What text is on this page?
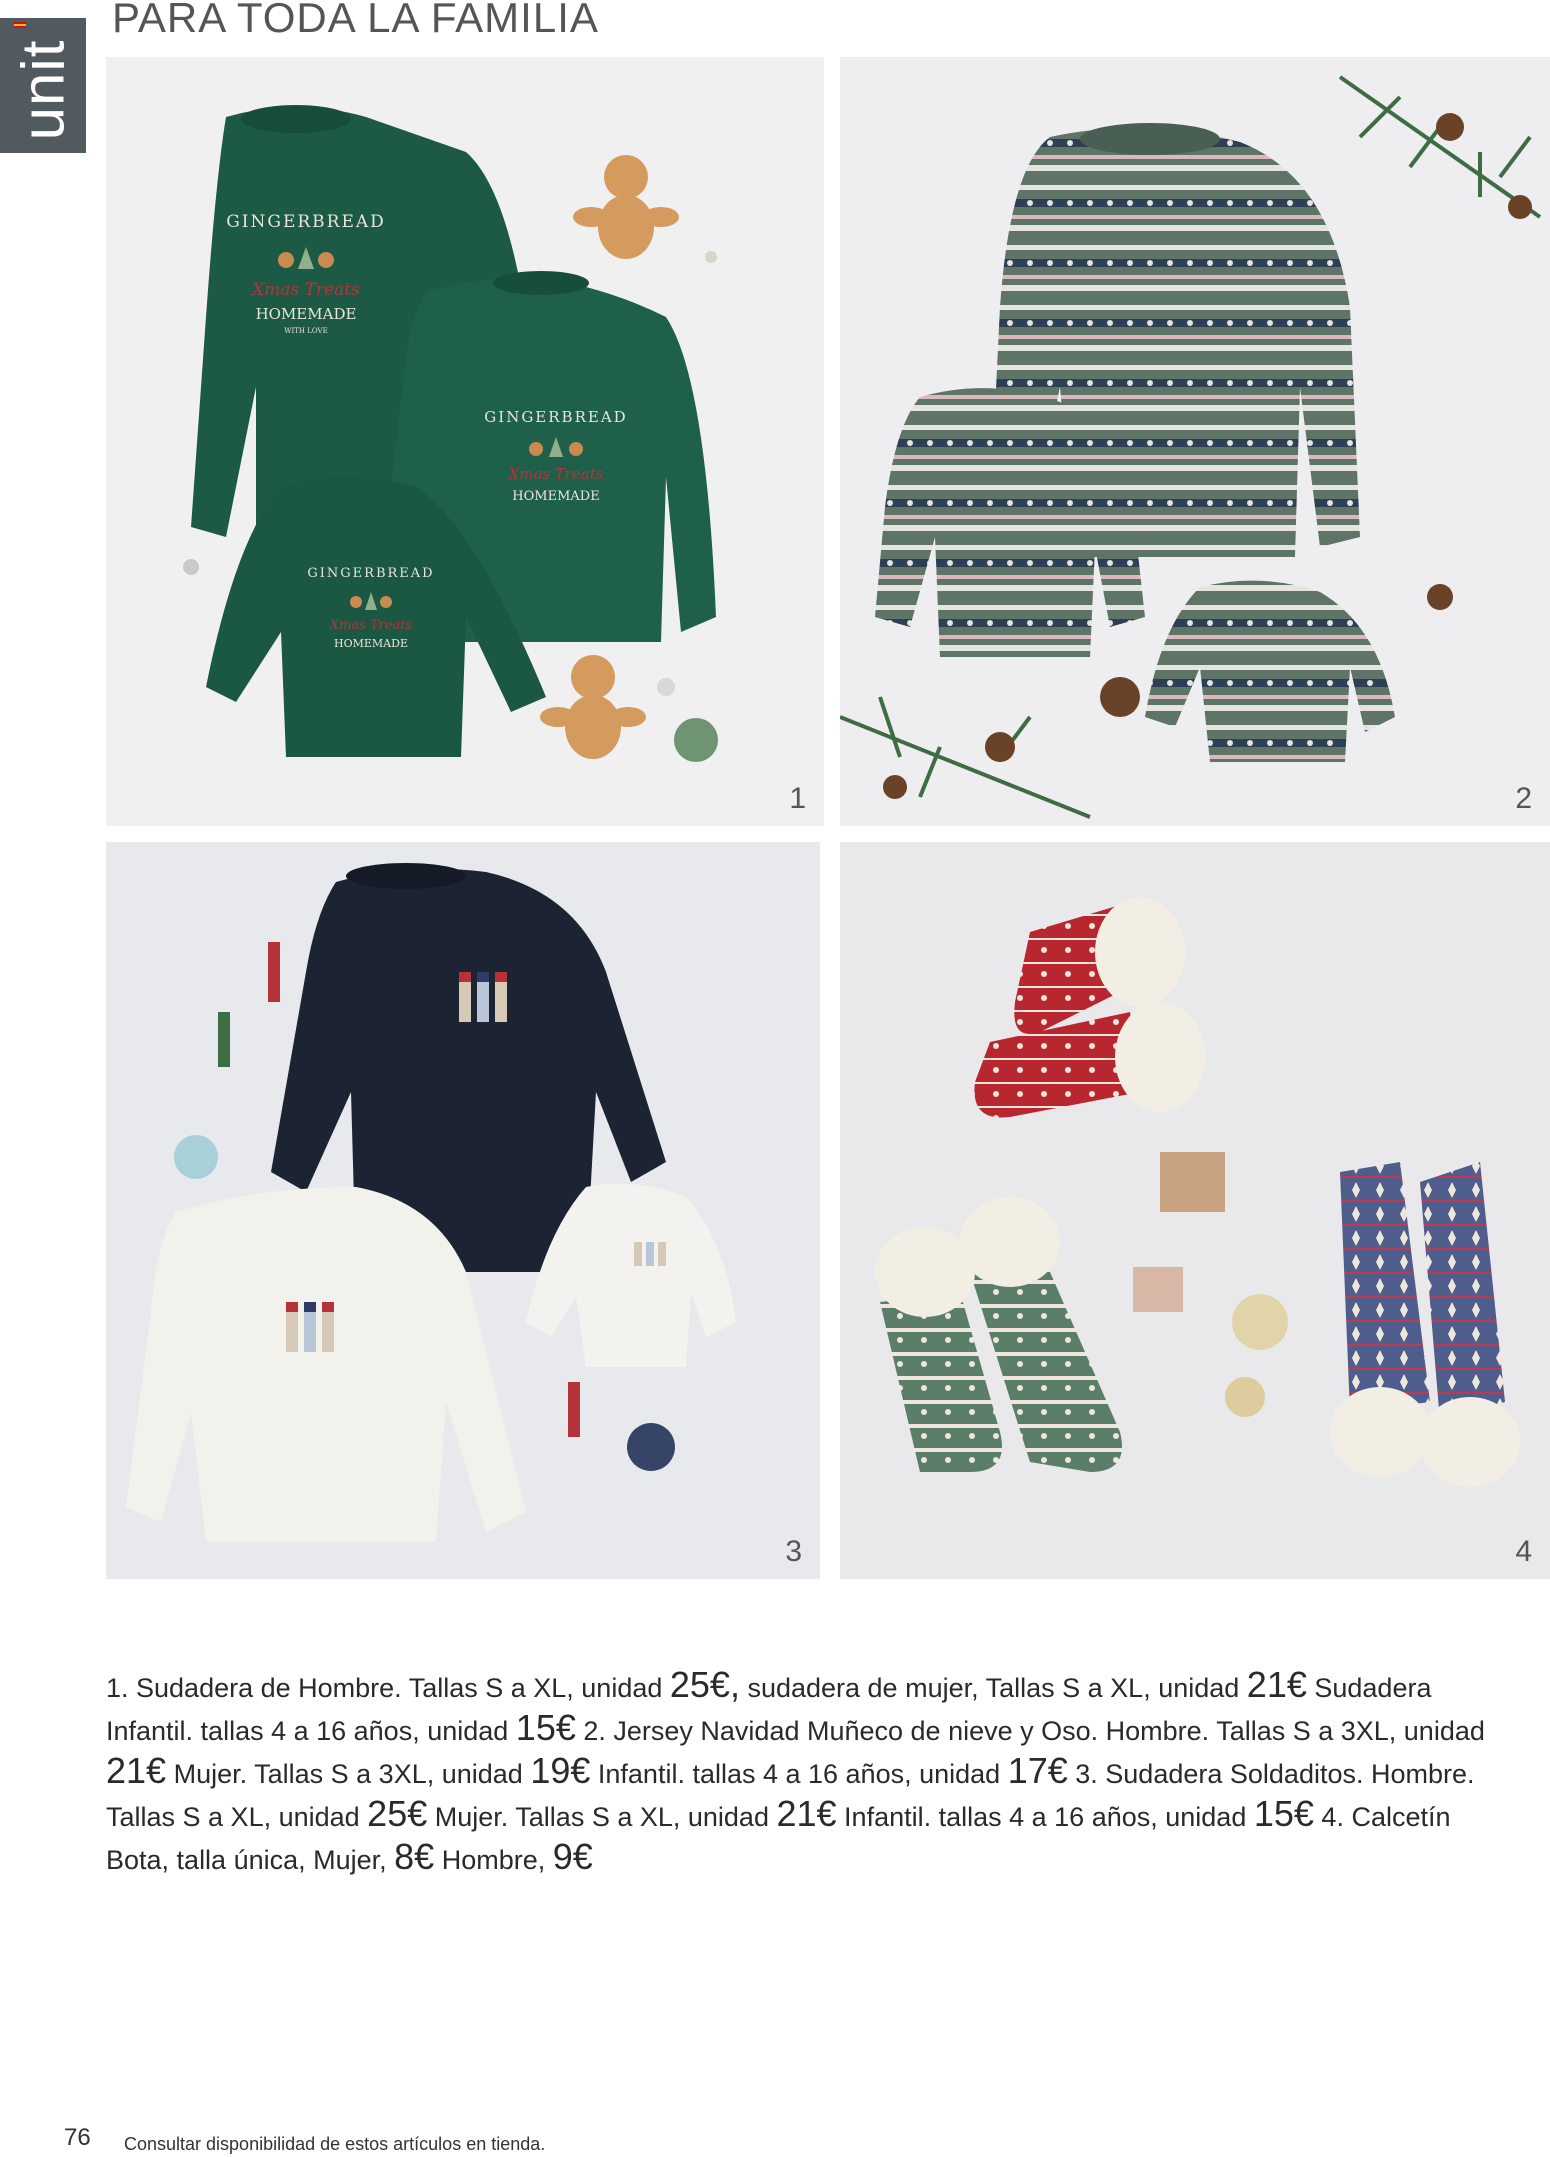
unit
PARA TODA LA FAMILIA
GINGERBREAD
Xmas Treats
HOMEMADE
WITH LOVE
GINGERBREAD
Xmas Treats
HOMEMADE
GINGERBREAD
Xmas Treats
HOMEMADE
1	2
3	4

1. Sudadera de Hombre. Tallas S a XL, unidad 25€, sudadera de mujer, Tallas S a XL, unidad 21€ Sudadera Infantil. tallas 4 a 16 años, unidad 15€ 2. Jersey Navidad Muñeco de nieve y Oso. Hombre. Tallas S a 3XL, unidad 21€ Mujer. Tallas S a 3XL, unidad 19€ Infantil. tallas 4 a 16 años, unidad 17€ 3. Sudadera Soldaditos. Hombre. Tallas S a XL, unidad 25€ Mujer. Tallas S a XL, unidad 21€ Infantil. tallas 4 a 16 años, unidad 15€ 4. Calcetín Bota, talla única, Mujer, 8€ Hombre, 9€

76 Consultar disponibilidad de estos artículos en tienda.
